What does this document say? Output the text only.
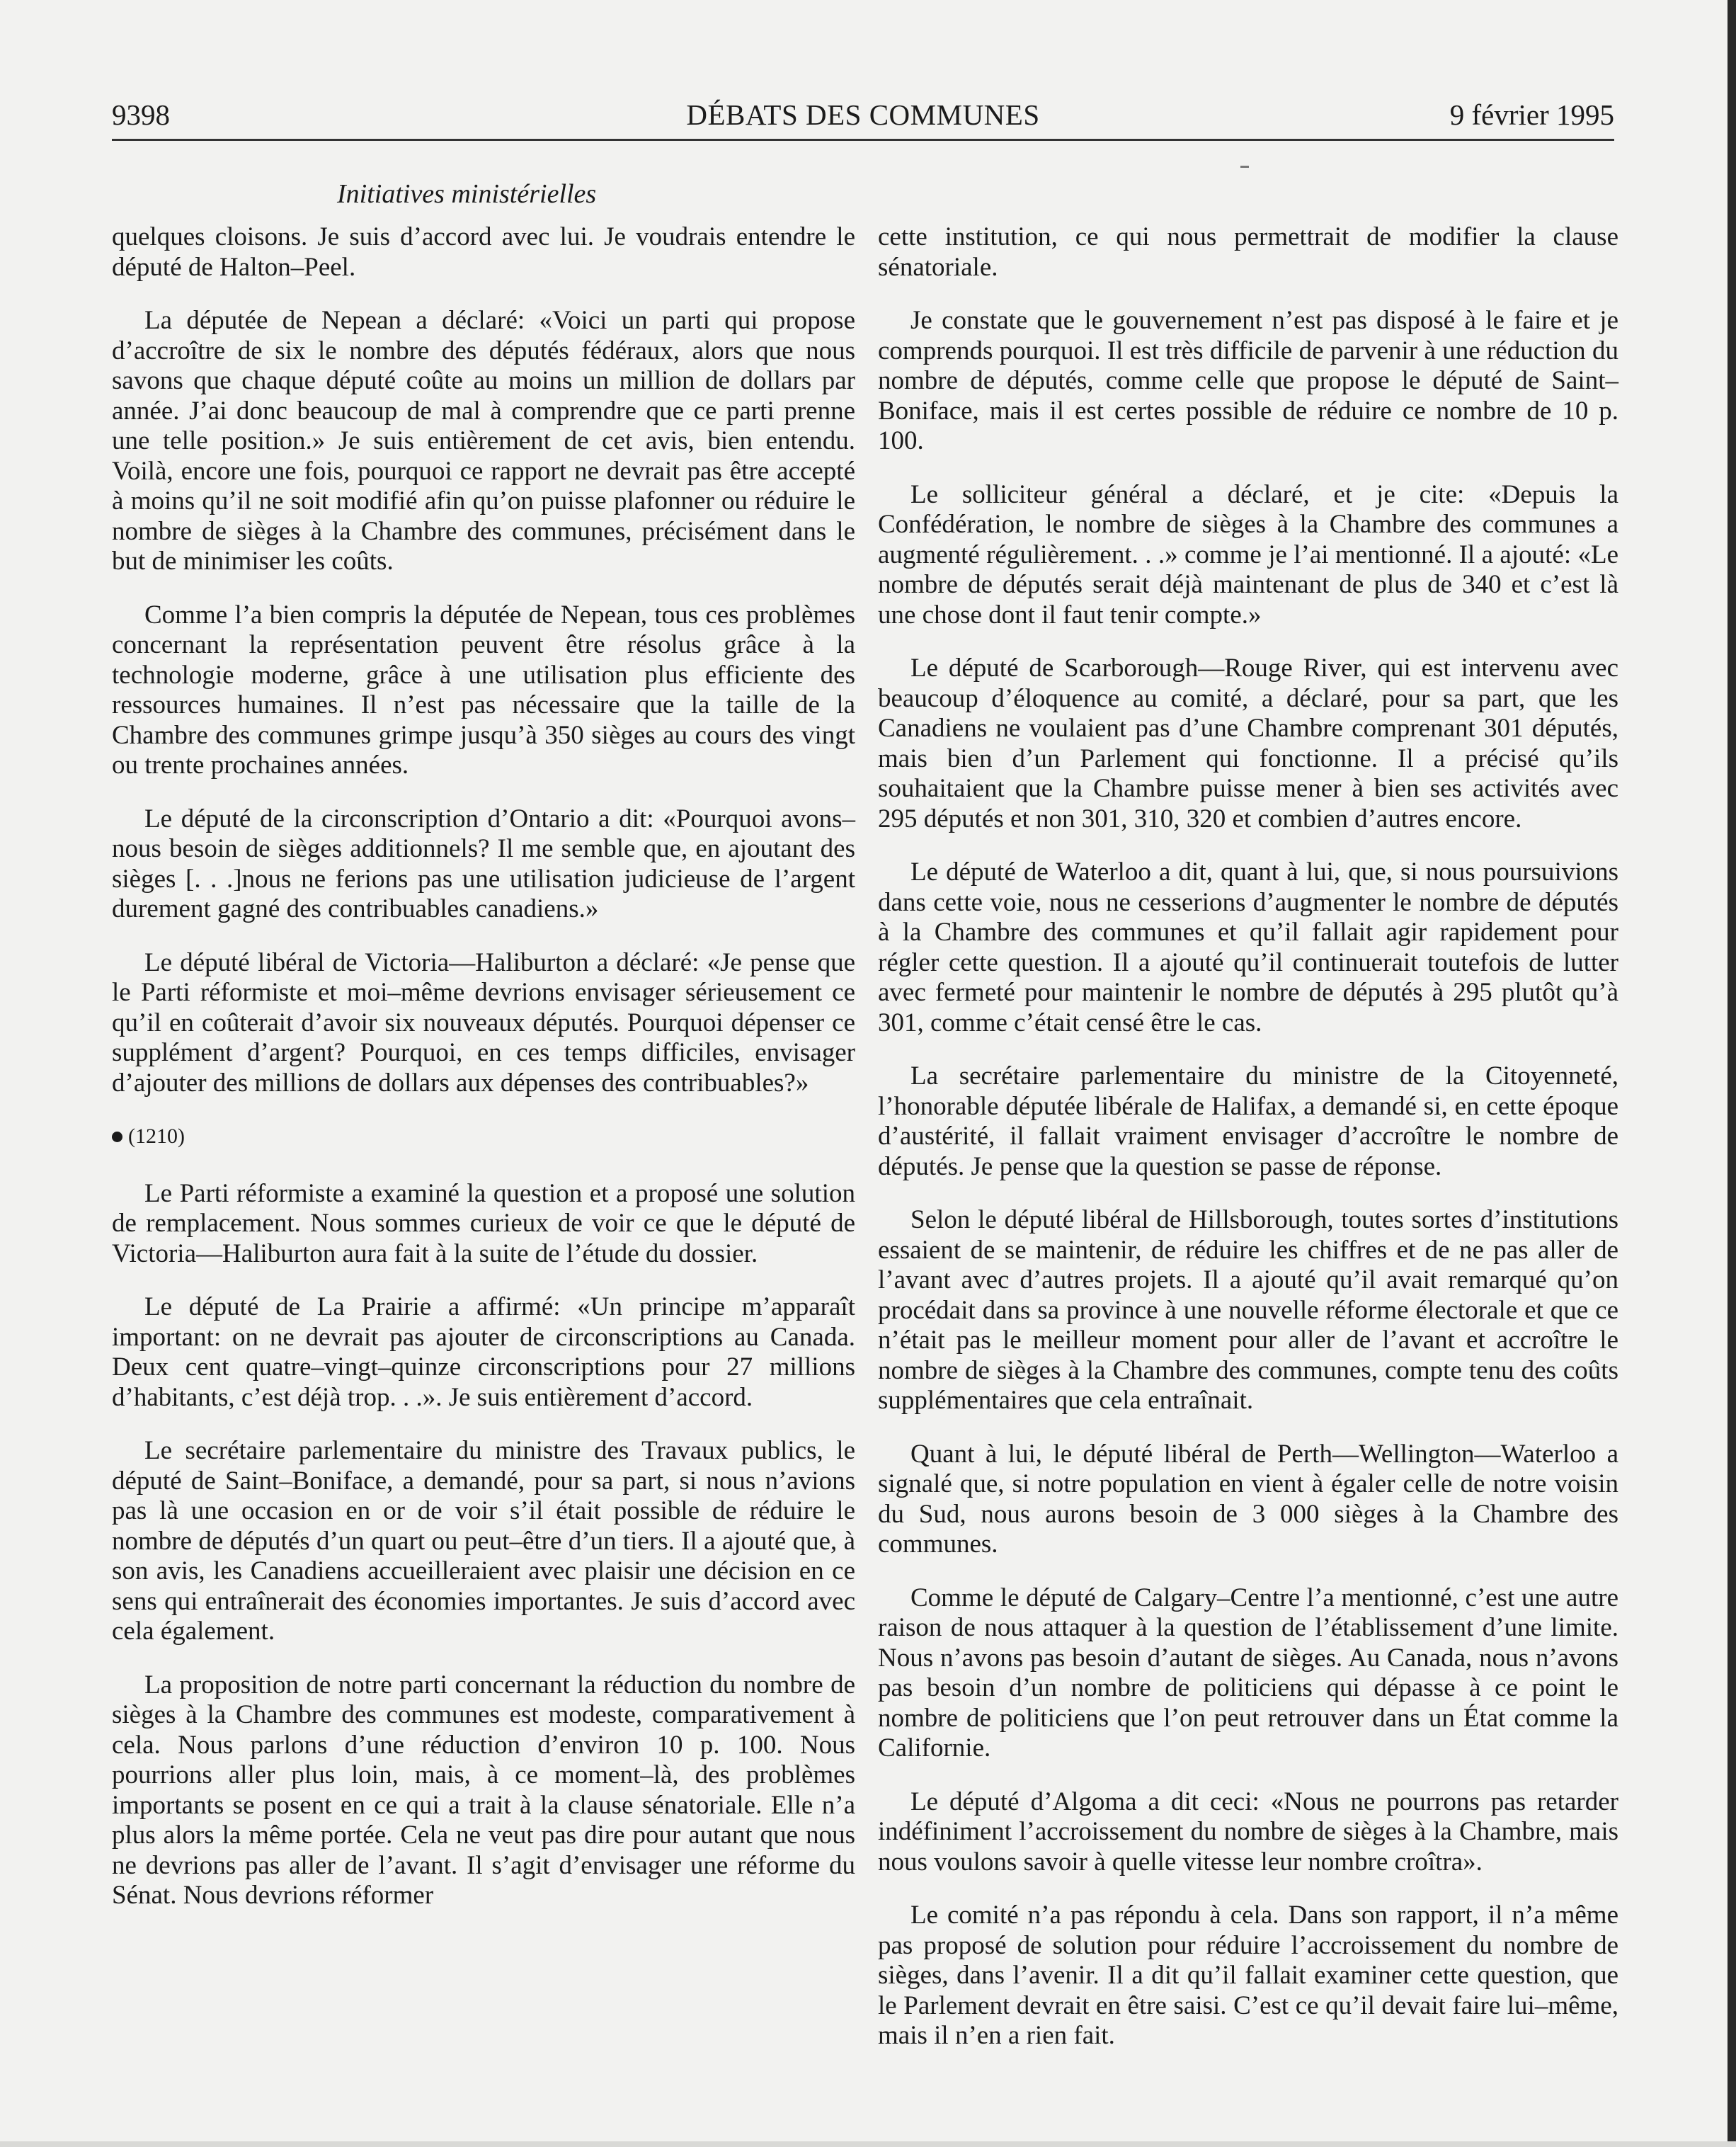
9398	DÉBATS DES COMMUNES	9 février 1995
Initiatives ministérielles

quelques cloisons. Je suis d’accord avec lui. Je voudrais entendre le député de Halton–Peel.

La députée de Nepean a déclaré: «Voici un parti qui propose d’accroître de six le nombre des députés fédéraux, alors que nous savons que chaque député coûte au moins un million de dollars par année. J’ai donc beaucoup de mal à comprendre que ce parti prenne une telle position.» Je suis entièrement de cet avis, bien entendu. Voilà, encore une fois, pourquoi ce rapport ne devrait pas être accepté à moins qu’il ne soit modifié afin qu’on puisse plafonner ou réduire le nombre de sièges à la Chambre des communes, précisément dans le but de minimiser les coûts.

Comme l’a bien compris la députée de Nepean, tous ces problèmes concernant la représentation peuvent être résolus grâce à la technologie moderne, grâce à une utilisation plus efficiente des ressources humaines. Il n’est pas nécessaire que la taille de la Chambre des communes grimpe jusqu’à 350 sièges au cours des vingt ou trente prochaines années.

Le député de la circonscription d’Ontario a dit: «Pourquoi avons–nous besoin de sièges additionnels? Il me semble que, en ajoutant des sièges [. . .]nous ne ferions pas une utilisation judicieuse de l’argent durement gagné des contribuables canadiens.»

Le député libéral de Victoria—Haliburton a déclaré: «Je pense que le Parti réformiste et moi–même devrions envisager sérieusement ce qu’il en coûterait d’avoir six nouveaux députés. Pourquoi dépenser ce supplément d’argent? Pourquoi, en ces temps difficiles, envisager d’ajouter des millions de dollars aux dépenses des contribuables?»

(1210)

Le Parti réformiste a examiné la question et a proposé une solution de remplacement. Nous sommes curieux de voir ce que le député de Victoria—Haliburton aura fait à la suite de l’étude du dossier.

Le député de La Prairie a affirmé: «Un principe m’apparaît important: on ne devrait pas ajouter de circonscriptions au Canada. Deux cent quatre–vingt–quinze circonscriptions pour 27 millions d’habitants, c’est déjà trop. . .». Je suis entièrement d’accord.

Le secrétaire parlementaire du ministre des Travaux publics, le député de Saint–Boniface, a demandé, pour sa part, si nous n’avions pas là une occasion en or de voir s’il était possible de réduire le nombre de députés d’un quart ou peut–être d’un tiers. Il a ajouté que, à son avis, les Canadiens accueilleraient avec plaisir une décision en ce sens qui entraînerait des économies importantes. Je suis d’accord avec cela également.

La proposition de notre parti concernant la réduction du nombre de sièges à la Chambre des communes est modeste, comparativement à cela. Nous parlons d’une réduction d’environ 10 p. 100. Nous pourrions aller plus loin, mais, à ce moment–là, des problèmes importants se posent en ce qui a trait à la clause sénatoriale. Elle n’a plus alors la même portée. Cela ne veut pas dire pour autant que nous ne devrions pas aller de l’avant. Il s’agit d’envisager une réforme du Sénat. Nous devrions réformer

cette institution, ce qui nous permettrait de modifier la clause sénatoriale.

Je constate que le gouvernement n’est pas disposé à le faire et je comprends pourquoi. Il est très difficile de parvenir à une réduction du nombre de députés, comme celle que propose le député de Saint–Boniface, mais il est certes possible de réduire ce nombre de 10 p. 100.

Le solliciteur général a déclaré, et je cite: «Depuis la Confédération, le nombre de sièges à la Chambre des communes a augmenté régulièrement. . .» comme je l’ai mentionné. Il a ajouté: «Le nombre de députés serait déjà maintenant de plus de 340 et c’est là une chose dont il faut tenir compte.»

Le député de Scarborough—Rouge River, qui est intervenu avec beaucoup d’éloquence au comité, a déclaré, pour sa part, que les Canadiens ne voulaient pas d’une Chambre comprenant 301 députés, mais bien d’un Parlement qui fonctionne. Il a précisé qu’ils souhaitaient que la Chambre puisse mener à bien ses activités avec 295 députés et non 301, 310, 320 et combien d’autres encore.

Le député de Waterloo a dit, quant à lui, que, si nous poursuivions dans cette voie, nous ne cesserions d’augmenter le nombre de députés à la Chambre des communes et qu’il fallait agir rapidement pour régler cette question. Il a ajouté qu’il continuerait toutefois de lutter avec fermeté pour maintenir le nombre de députés à 295 plutôt qu’à 301, comme c’était censé être le cas.

La secrétaire parlementaire du ministre de la Citoyenneté, l’honorable députée libérale de Halifax, a demandé si, en cette époque d’austérité, il fallait vraiment envisager d’accroître le nombre de députés. Je pense que la question se passe de réponse.

Selon le député libéral de Hillsborough, toutes sortes d’institutions essaient de se maintenir, de réduire les chiffres et de ne pas aller de l’avant avec d’autres projets. Il a ajouté qu’il avait remarqué qu’on procédait dans sa province à une nouvelle réforme électorale et que ce n’était pas le meilleur moment pour aller de l’avant et accroître le nombre de sièges à la Chambre des communes, compte tenu des coûts supplémentaires que cela entraînait.

Quant à lui, le député libéral de Perth—Wellington—Waterloo a signalé que, si notre population en vient à égaler celle de notre voisin du Sud, nous aurons besoin de 3 000 sièges à la Chambre des communes.

Comme le député de Calgary–Centre l’a mentionné, c’est une autre raison de nous attaquer à la question de l’établissement d’une limite. Nous n’avons pas besoin d’autant de sièges. Au Canada, nous n’avons pas besoin d’un nombre de politiciens qui dépasse à ce point le nombre de politiciens que l’on peut retrouver dans un État comme la Californie.

Le député d’Algoma a dit ceci: «Nous ne pourrons pas retarder indéfiniment l’accroissement du nombre de sièges à la Chambre, mais nous voulons savoir à quelle vitesse leur nombre croîtra».

Le comité n’a pas répondu à cela. Dans son rapport, il n’a même pas proposé de solution pour réduire l’accroissement du nombre de sièges, dans l’avenir. Il a dit qu’il fallait examiner cette question, que le Parlement devrait en être saisi. C’est ce qu’il devait faire lui–même, mais il n’en a rien fait.
